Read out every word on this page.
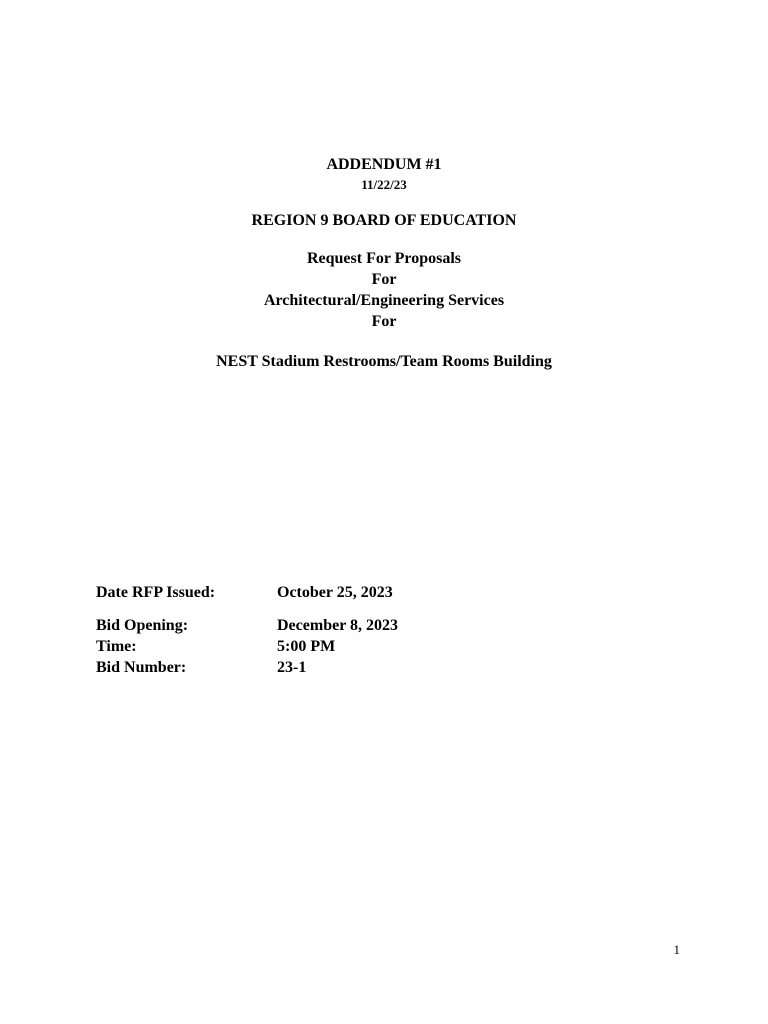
ADDENDUM #1
11/22/23
REGION 9 BOARD OF EDUCATION
Request For Proposals
For
Architectural/Engineering Services
For
NEST Stadium Restrooms/Team Rooms Building
Date RFP Issued:	October 25, 2023
Bid Opening:	December 8, 2023
Time:	5:00 PM
Bid Number:	23-1
1
